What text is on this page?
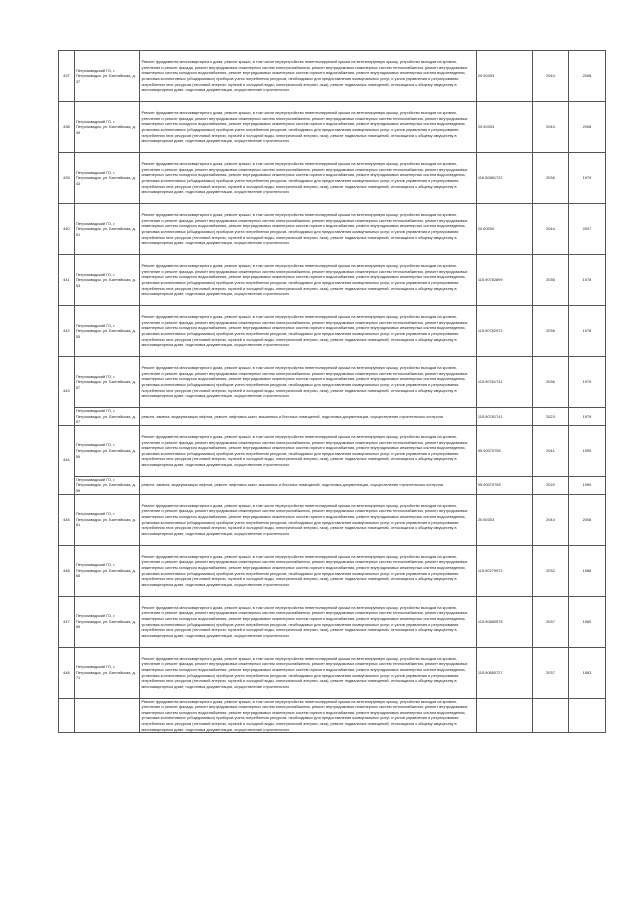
437	Петрозаводский ГО, г. Петрозаводск, ул. Балтийская, д. 37	Ремонт фундамента многоквартирного дома, ремонт крыши, в том числе переустройство невентилируемой крыши на вентилируемую крышу, устройство выходов на кровлю, утепление и ремонт фасада, ремонт внутридомовых инженерных систем электроснабжения, ремонт внутридомовых инженерных систем теплоснабжения, ремонт внутридомовых инженерных систем холодного водоснабжения, ремонт внутридомовых инженерных систем горячего водоснабжения, ремонт внутридомовых инженерных систем водоотведения, установка коллективных (общедомовых) приборов учета потребления ресурсов, необходимых для предоставления коммунальных услуг, и узлов управления и регулирования потребления этих ресурсов (тепловой энергии, горячей и холодной воды, электрической энергии, газа), ремонт подвальных помещений, относящихся к общему имуществу в многоквартирном доме, подготовка документации, осуществление строительного	20.50303	2044	2008
438	Петрозаводский ГО, г. Петрозаводск, ул. Балтийская, д. 39	Ремонт фундамента многоквартирного дома, ремонт крыши, в том числе переустройство невентилируемой крыши на вентилируемую крышу, устройство выходов на кровлю, утепление и ремонт фасада, ремонт внутридомовых инженерных систем электроснабжения, ремонт внутридомовых инженерных систем теплоснабжения, ремонт внутридомовых инженерных систем холодного водоснабжения, ремонт внутридомовых инженерных систем горячего водоснабжения, ремонт внутридомовых инженерных систем водоотведения, установка коллективных (общедомовых) приборов учета потребления ресурсов, необходимых для предоставления коммунальных услуг, и узлов управления и регулирования потребления этих ресурсов (тепловой энергии, горячей и холодной воды, электрической энергии, газа), ремонт подвальных помещений, относящихся к общему имуществу в многоквартирном доме, подготовка документации, осуществление строительного	20.50303	2044	2008
439	Петрозаводский ГО, г. Петрозаводск, ул. Балтийская, д. 43	Ремонт фундамента многоквартирного дома, ремонт крыши, в том числе переустройство невентилируемой крыши на вентилируемую крышу, устройство выходов на кровлю, утепление и ремонт фасада, ремонт внутридомовых инженерных систем электроснабжения, ремонт внутридомовых инженерных систем теплоснабжения, ремонт внутридомовых инженерных систем холодного водоснабжения, ремонт внутридомовых инженерных систем горячего водоснабжения, ремонт внутридомовых инженерных систем водоотведения, установка коллективных (общедомовых) приборов учета потребления ресурсов, необходимых для предоставления коммунальных услуг, и узлов управления и регулирования потребления этих ресурсов (тепловой энергии, горячей и холодной воды, электрической энергии, газа), ремонт подвальных помещений, относящихся к общему имуществу в многоквартирном доме, подготовка документации, осуществление строительного	116.50881722	2036	1979
440	Петрозаводский ГО, г. Петрозаводск, ул. Балтийская, д. 51	Ремонт фундамента многоквартирного дома, ремонт крыши, в том числе переустройство невентилируемой крыши на вентилируемую крышу, устройство выходов на кровлю, утепление и ремонт фасада, ремонт внутридомовых инженерных систем электроснабжения, ремонт внутридомовых инженерных систем теплоснабжения, ремонт внутридомовых инженерных систем холодного водоснабжения, ремонт внутридомовых инженерных систем горячего водоснабжения, ремонт внутридомовых инженерных систем водоотведения, установка коллективных (общедомовых) приборов учета потребления ресурсов, необходимых для предоставления коммунальных услуг, и узлов управления и регулирования потребления этих ресурсов (тепловой энергии, горячей и холодной воды, электрической энергии, газа), ремонт подвальных помещений, относящихся к общему имуществу в многоквартирном доме, подготовка документации, осуществление строительного	20.60000	2044	2007
441	Петрозаводский ГО, г. Петрозаводск, ул. Балтийская, д. 53	Ремонт фундамента многоквартирного дома, ремонт крыши, в том числе переустройство невентилируемой крыши на вентилируемую крышу, устройство выходов на кровлю, утепление и ремонт фасада, ремонт внутридомовых инженерных систем электроснабжения, ремонт внутридомовых инженерных систем теплоснабжения, ремонт внутридомовых инженерных систем холодного водоснабжения, ремонт внутридомовых инженерных систем горячего водоснабжения, ремонт внутридомовых инженерных систем водоотведения, установка коллективных (общедомовых) приборов учета потребления ресурсов, необходимых для предоставления коммунальных услуг, и узлов управления и регулирования потребления этих ресурсов (тепловой энергии, горячей и холодной воды, электрической энергии, газа), ремонт подвальных помещений, относящихся к общему имуществу в многоквартирном доме, подготовка документации, осуществление строительного	115.90782899	2036	1978
442	Петрозаводский ГО, г. Петрозаводск, ул. Балтийская, д. 55	Ремонт фундамента многоквартирного дома, ремонт крыши, в том числе переустройство невентилируемой крыши на вентилируемую крышу, устройство выходов на кровлю, утепление и ремонт фасада, ремонт внутридомовых инженерных систем электроснабжения, ремонт внутридомовых инженерных систем теплоснабжения, ремонт внутридомовых инженерных систем холодного водоснабжения, ремонт внутридомовых инженерных систем горячего водоснабжения, ремонт внутридомовых инженерных систем водоотведения, установка коллективных (общедомовых) приборов учета потребления ресурсов, необходимых для предоставления коммунальных услуг, и узлов управления и регулирования потребления этих ресурсов (тепловой энергии, горячей и холодной воды, электрической энергии, газа), ремонт подвальных помещений, относящихся к общему имуществу в многоквартирном доме, подготовка документации, осуществление строительного	115.90782972	2036	1978
443	Петрозаводский ГО, г. Петрозаводск, ул. Балтийская, д. 57	Ремонт фундамента многоквартирного дома, ремонт крыши, в том числе переустройство невентилируемой крыши на вентилируемую крышу, устройство выходов на кровлю, утепление и ремонт фасада, ремонт внутридомовых инженерных систем электроснабжения, ремонт внутридомовых инженерных систем теплоснабжения, ремонт внутридомовых инженерных систем холодного водоснабжения, ремонт внутридомовых инженерных систем горячего водоснабжения, ремонт внутридомовых инженерных систем водоотведения, установка коллективных (общедомовых) приборов учета потребления ресурсов, необходимых для предоставления коммунальных услуг, и узлов управления и регулирования потребления этих ресурсов (тепловой энергии, горячей и холодной воды, электрической энергии, газа), ремонт подвальных помещений, относящихся к общему имуществу в многоквартирном доме, подготовка документации, осуществление строительного	115.90781741	2036	1979
	Петрозаводский ГО, г. Петрозаводск, ул. Балтийская, д. 57	ремонт, замена, модернизация лифтов, ремонт лифтовых шахт, машинных и блочных помещений, подготовка документации, осуществление строительного контроля	115.90781741	2023	1979
444	Петрозаводский ГО, г. Петрозаводск, ул. Балтийская, д. 59	Ремонт фундамента многоквартирного дома, ремонт крыши, в том числе переустройство невентилируемой крыши на вентилируемую крышу, устройство выходов на кровлю, утепление и ремонт фасада, ремонт внутридомовых инженерных систем электроснабжения, ремонт внутридомовых инженерных систем теплоснабжения, ремонт внутридомовых инженерных систем холодного водоснабжения, ремонт внутридомовых инженерных систем горячего водоснабжения, ремонт внутридомовых инженерных систем водоотведения, установка коллективных (общедомовых) приборов учета потребления ресурсов, необходимых для предоставления коммунальных услуг, и узлов управления и регулирования потребления этих ресурсов (тепловой энергии, горячей и холодной воды, электрической энергии, газа), ремонт подвальных помещений, относящихся к общему имуществу в многоквартирном доме, подготовка документации, осуществление строительного	95.90070755	2041	1990
	Петрозаводский ГО, г. Петрозаводск, ул. Балтийская, д. 59	ремонт, замена, модернизация лифтов, ремонт лифтовых шахт, машинных и блочных помещений, подготовка документации, осуществление строительного контроля	95.90070755	2020	1990
445	Петрозаводский ГО, г. Петрозаводск, ул. Балтийская, д. 61	Ремонт фундамента многоквартирного дома, ремонт крыши, в том числе переустройство невентилируемой крыши на вентилируемую крышу, устройство выходов на кровлю, утепление и ремонт фасада, ремонт внутридомовых инженерных систем электроснабжения, ремонт внутридомовых инженерных систем теплоснабжения, ремонт внутридомовых инженерных систем холодного водоснабжения, ремонт внутридомовых инженерных систем горячего водоснабжения, ремонт внутридомовых инженерных систем водоотведения, установка коллективных (общедомовых) приборов учета потребления ресурсов, необходимых для предоставления коммунальных услуг, и узлов управления и регулирования потребления этих ресурсов (тепловой энергии, горячей и холодной воды, электрической энергии, газа), ремонт подвальных помещений, относящихся к общему имуществу в многоквартирном доме, подготовка документации, осуществление строительного	20.50303	2044	2008
446	Петрозаводский ГО, г. Петрозаводск, ул. Балтийская, д. 65	Ремонт фундамента многоквартирного дома, ремонт крыши, в том числе переустройство невентилируемой крыши на вентилируемую крышу, устройство выходов на кровлю, утепление и ремонт фасада, ремонт внутридомовых инженерных систем электроснабжения, ремонт внутридомовых инженерных систем теплоснабжения, ремонт внутридомовых инженерных систем холодного водоснабжения, ремонт внутридомовых инженерных систем горячего водоснабжения, ремонт внутридомовых инженерных систем водоотведения, установка коллективных (общедомовых) приборов учета потребления ресурсов, необходимых для предоставления коммунальных услуг, и узлов управления и регулирования потребления этих ресурсов (тепловой энергии, горячей и холодной воды, электрической энергии, газа), ремонт подвальных помещений, относящихся к общему имуществу в многоквартирном доме, подготовка документации, осуществление строительного	115.90279972	2032	1986
447	Петрозаводский ГО, г. Петрозаводск, ул. Балтийская, д. 69	Ремонт фундамента многоквартирного дома, ремонт крыши, в том числе переустройство невентилируемой крыши на вентилируемую крышу, устройство выходов на кровлю, утепление и ремонт фасада, ремонт внутридомовых инженерных систем электроснабжения, ремонт внутридомовых инженерных систем теплоснабжения, ремонт внутридомовых инженерных систем холодного водоснабжения, ремонт внутридомовых инженерных систем горячего водоснабжения, ремонт внутридомовых инженерных систем водоотведения, установка коллективных (общедомовых) приборов учета потребления ресурсов, необходимых для предоставления коммунальных услуг, и узлов управления и регулирования потребления этих ресурсов (тепловой энергии, горячей и холодной воды, электрической энергии, газа), ремонт подвальных помещений, относящихся к общему имуществу в многоквартирном доме, подготовка документации, осуществление строительного	115.90680975	2037	1980
448	Петрозаводский ГО, г. Петрозаводск, ул. Балтийская, д. 71	Ремонт фундамента многоквартирного дома, ремонт крыши, в том числе переустройство невентилируемой крыши на вентилируемую крышу, устройство выходов на кровлю, утепление и ремонт фасада, ремонт внутридомовых инженерных систем электроснабжения, ремонт внутридомовых инженерных систем теплоснабжения, ремонт внутридомовых инженерных систем холодного водоснабжения, ремонт внутридомовых инженерных систем горячего водоснабжения, ремонт внутридомовых инженерных систем водоотведения, установка коллективных (общедомовых) приборов учета потребления ресурсов, необходимых для предоставления коммунальных услуг, и узлов управления и регулирования потребления этих ресурсов (тепловой энергии, горячей и холодной воды, электрической энергии, газа), ремонт подвальных помещений, относящихся к общему имуществу в многоквартирном доме, подготовка документации, осуществление строительного	115.90680727	2037	1983
		Ремонт фундамента многоквартирного дома, ремонт крыши, в том числе переустройство невентилируемой крыши на вентилируемую крышу, устройство выходов на кровлю, утепление и ремонт фасада, ремонт внутридомовых инженерных систем электроснабжения, ремонт внутридомовых инженерных систем теплоснабжения, ремонт внутридомовых инженерных систем холодного водоснабжения, ремонт внутридомовых инженерных систем горячего водоснабжения, ремонт внутридомовых инженерных систем водоотведения, установка коллективных (общедомовых) приборов учета потребления ресурсов, необходимых для предоставления коммунальных услуг, и узлов управления и регулирования потребления этих ресурсов (тепловой энергии, горячей и холодной воды, электрической энергии, газа), ремонт подвальных помещений, относящихся к общему имуществу в многоквартирном доме, подготовка документации, осуществление строительного			
